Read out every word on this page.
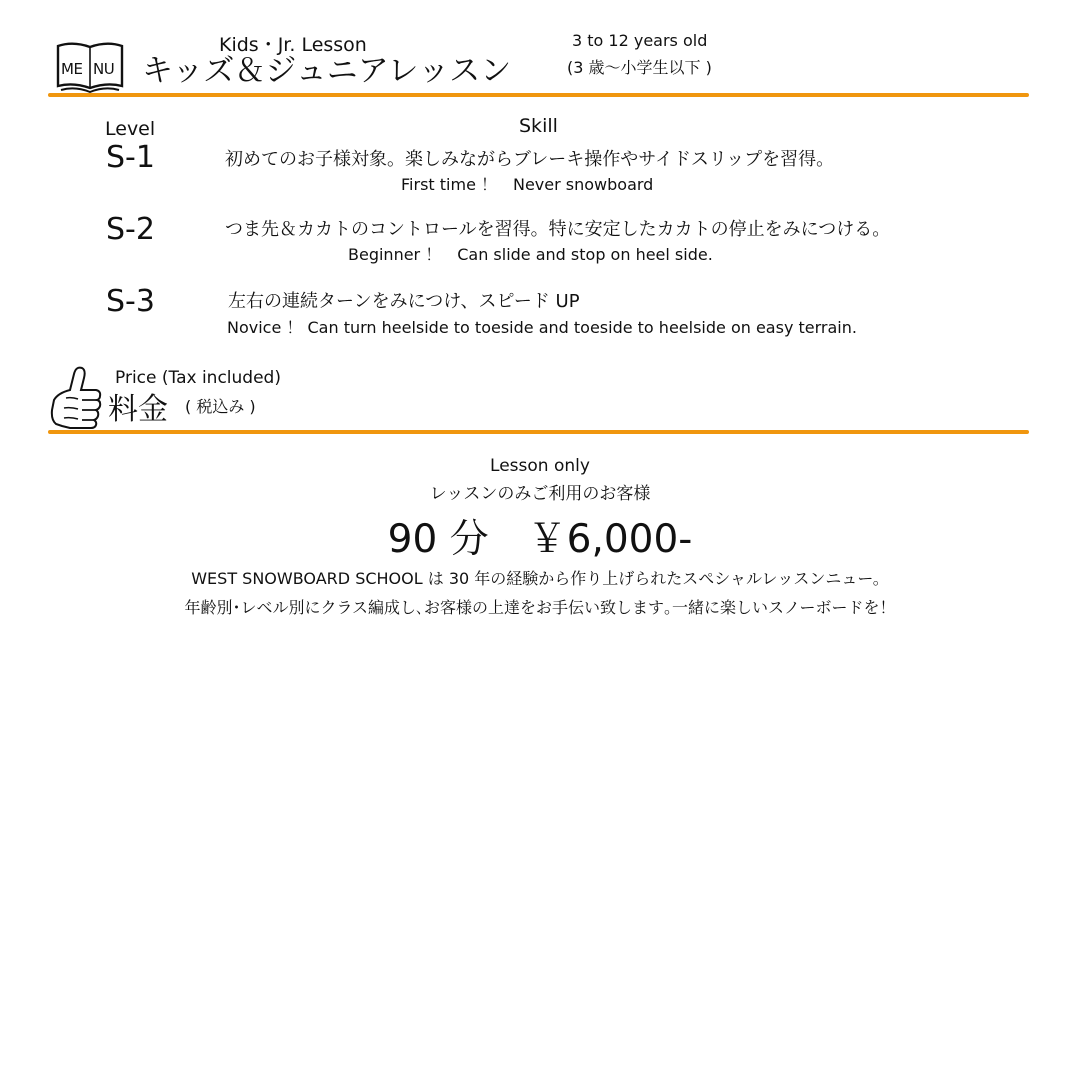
ME NU
Kids・Jr. Lesson
キッズ＆ジュニアレッスン
3 to 12 years old
(3 歳～小学生以下 )
Level	Skill
S-1	初めてのお子様対象。楽しみながらブレーキ操作やサイドスリップを習得。
First time ！　Never snowboard
S-2	つま先＆カカトのコントロールを習得。特に安定したカカトの停止をみにつける。
Beginner ！　Can slide and stop on heel side.
S-3	左右の連続ターンをみにつけ、スピード UP
Novice ！ Can turn heelside to toeside and toeside to heelside on easy terrain.
Price (Tax included)
料金 ( 税込み )
Lesson only
レッスンのみご利用のお客様
90 分　￥6,000-
WEST SNOWBOARD SCHOOL は 30 年の経験から作り上げられたスペシャルレッスンニュー。
年齢別･レベル別にクラス編成し､お客様の上達をお手伝い致します｡一緒に楽しいスノーボードを！
